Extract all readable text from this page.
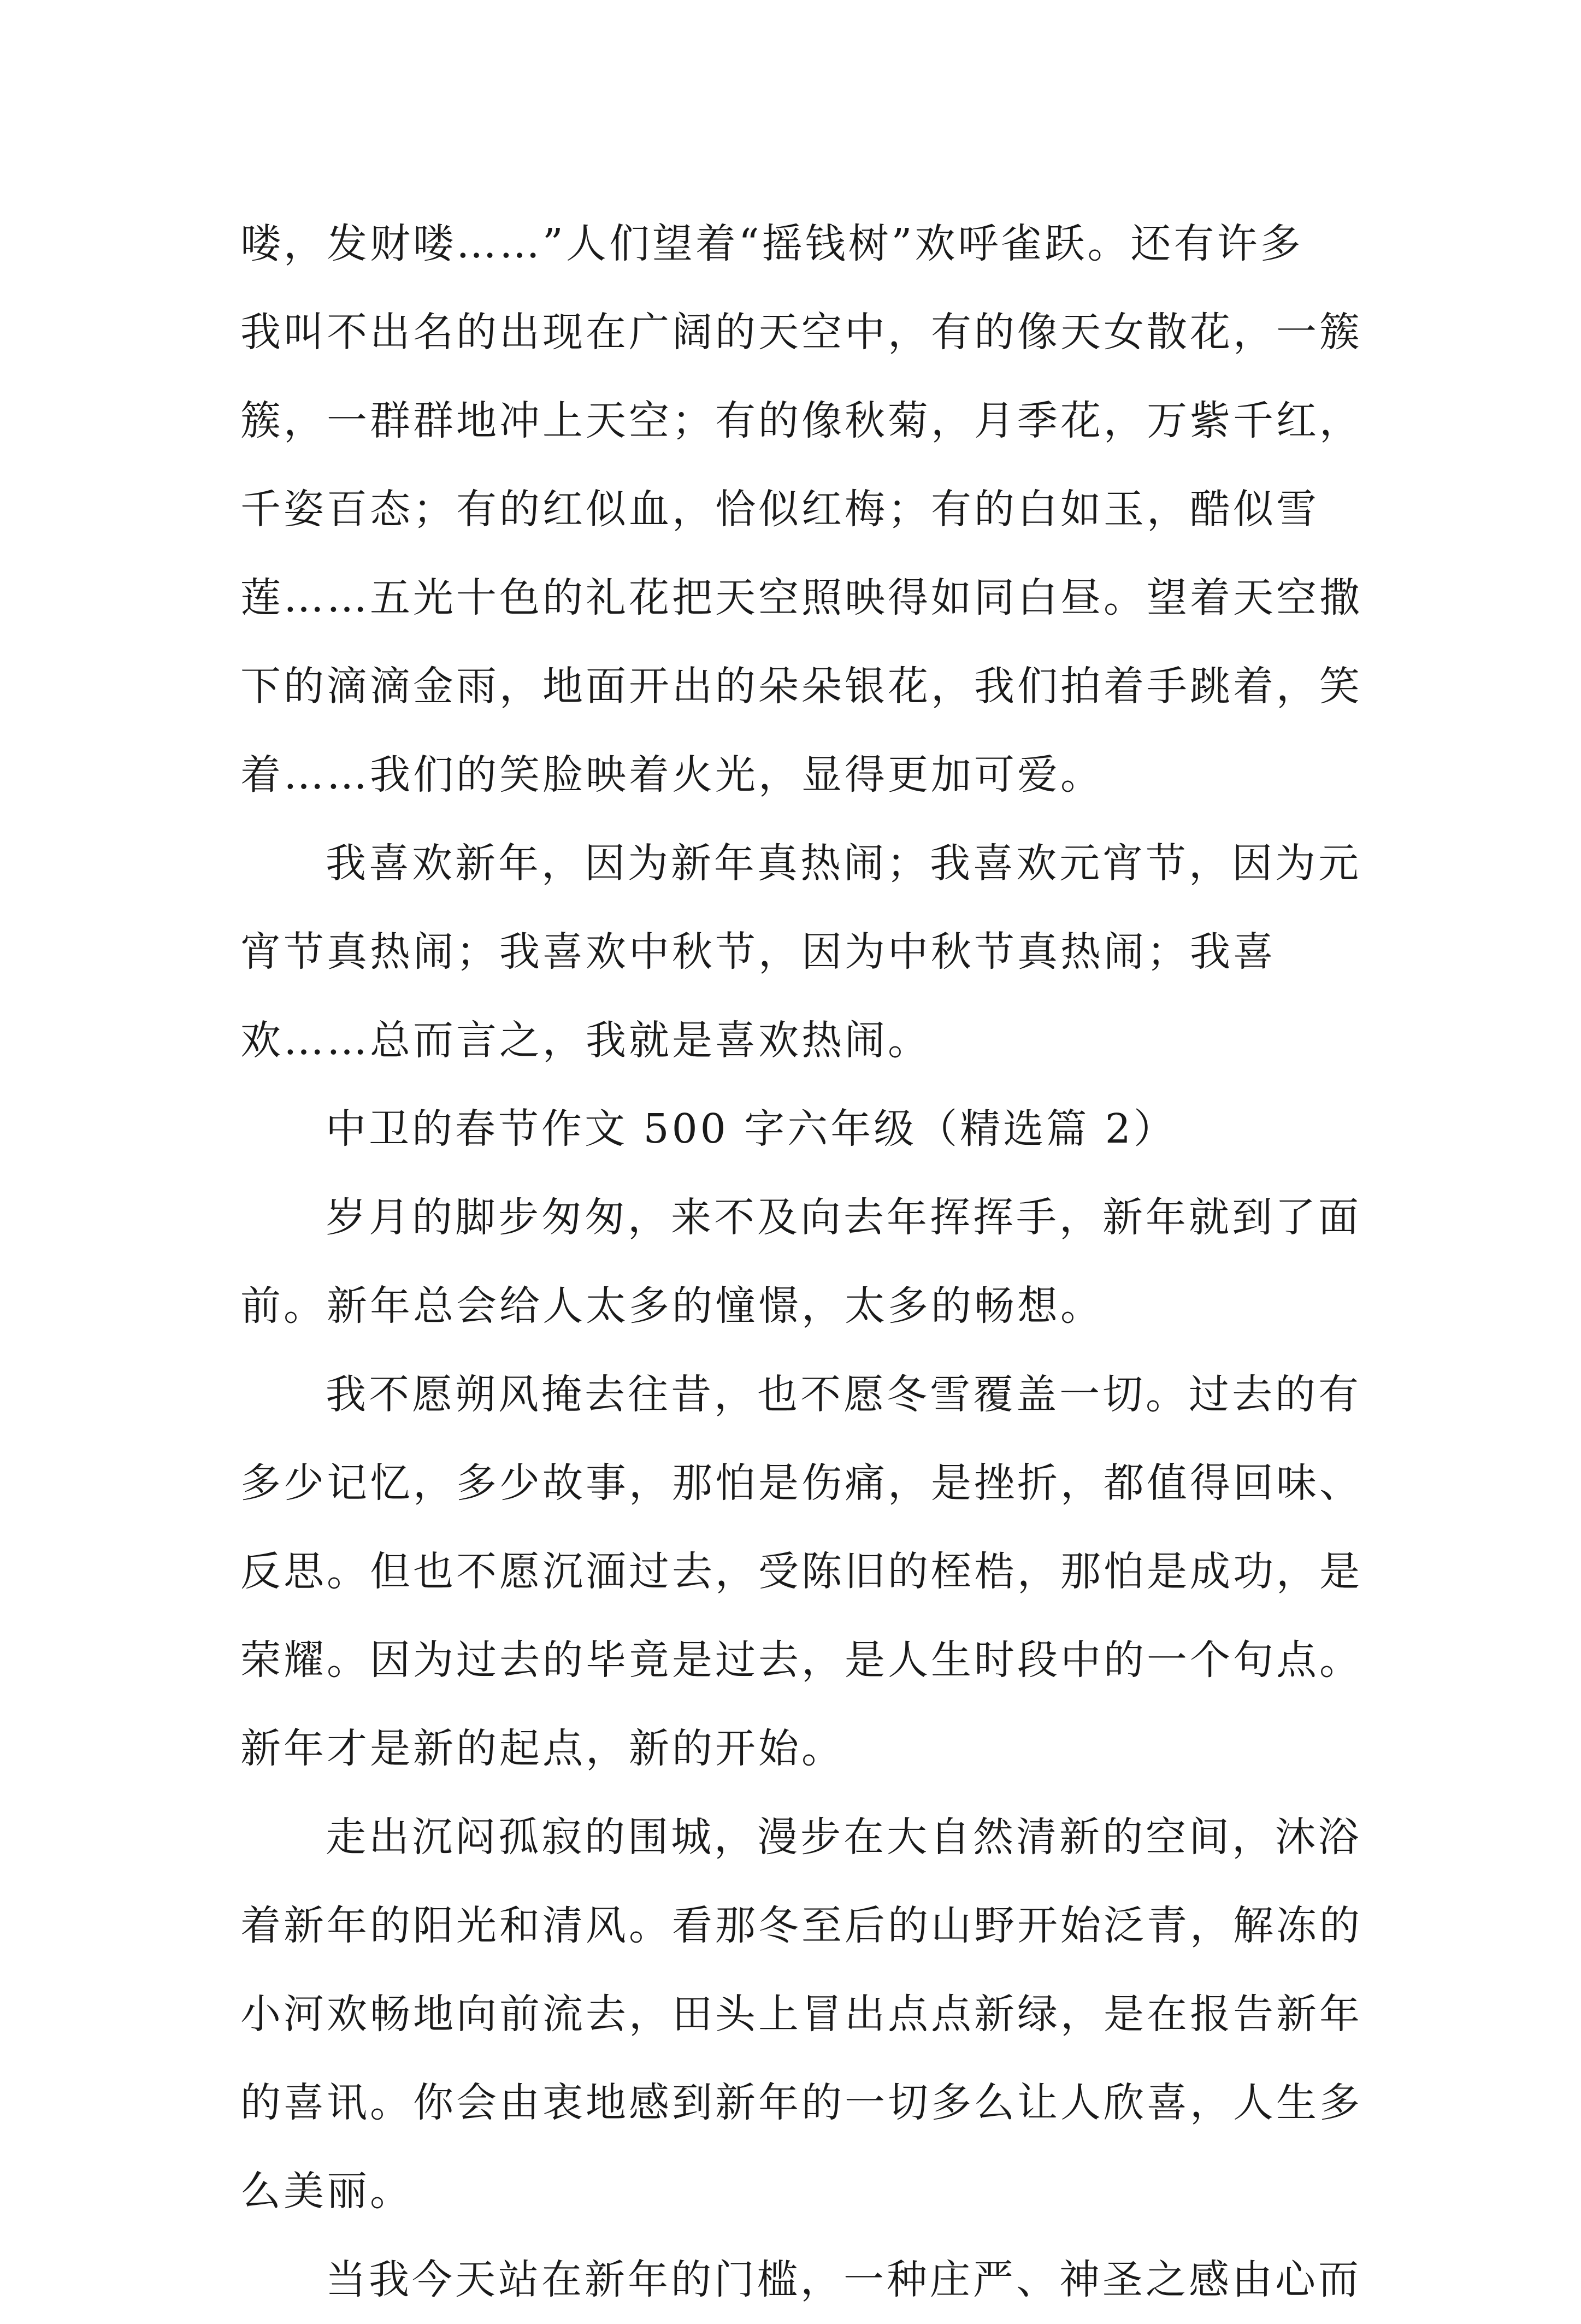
喽，发财喽……”人们望着“摇钱树”欢呼雀跃。还有许多
我叫不出名的出现在广阔的天空中，有的像天女散花，一簇
簇，一群群地冲上天空；有的像秋菊，月季花，万紫千红，
千姿百态；有的红似血，恰似红梅；有的白如玉，酷似雪
莲……五光十色的礼花把天空照映得如同白昼。望着天空撒
下的滴滴金雨，地面开出的朵朵银花，我们拍着手跳着，笑
着……我们的笑脸映着火光，显得更加可爱。
我喜欢新年，因为新年真热闹；我喜欢元宵节，因为元
宵节真热闹；我喜欢中秋节，因为中秋节真热闹；我喜
欢……总而言之，我就是喜欢热闹。
中卫的春节作文 500 字六年级（精选篇 2）
岁月的脚步匆匆，来不及向去年挥挥手，新年就到了面
前。新年总会给人太多的憧憬，太多的畅想。
我不愿朔风掩去往昔，也不愿冬雪覆盖一切。过去的有
多少记忆，多少故事，那怕是伤痛，是挫折，都值得回味、
反思。但也不愿沉湎过去，受陈旧的桎梏，那怕是成功，是
荣耀。因为过去的毕竟是过去，是人生时段中的一个句点。
新年才是新的起点，新的开始。
走出沉闷孤寂的围城，漫步在大自然清新的空间，沐浴
着新年的阳光和清风。看那冬至后的山野开始泛青，解冻的
小河欢畅地向前流去，田头上冒出点点新绿，是在报告新年
的喜讯。你会由衷地感到新年的一切多么让人欣喜，人生多
么美丽。
当我今天站在新年的门槛，一种庄严、神圣之感由心而
